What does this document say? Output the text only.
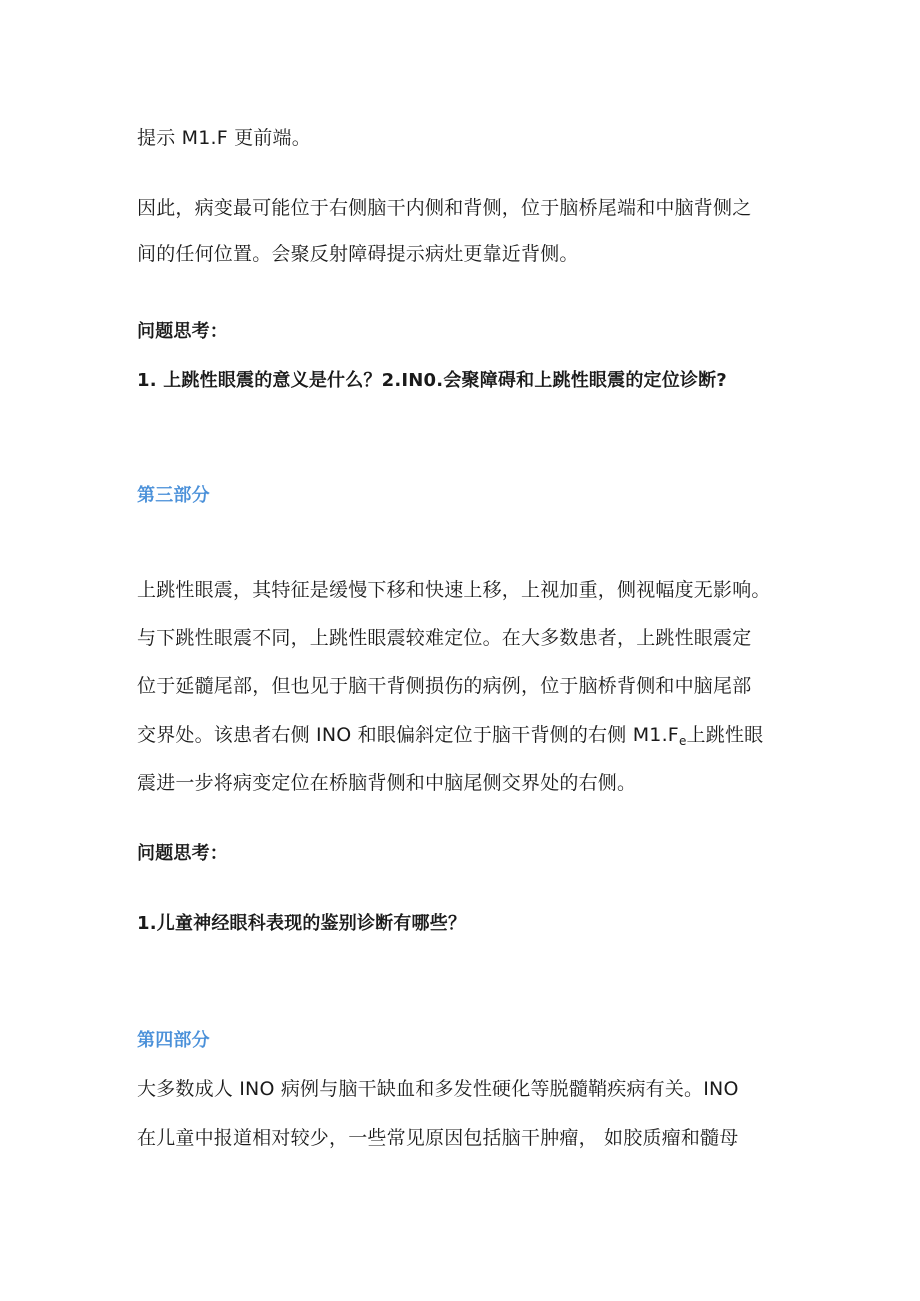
提示 M1.F 更前端。
因此，病变最可能位于右侧脑干内侧和背侧，位于脑桥尾端和中脑背侧之
间的任何位置。会聚反射障碍提示病灶更靠近背侧。
问题思考：
1. 上跳性眼震的意义是什么？2.IN0.会聚障碍和上跳性眼震的定位诊断?
第三部分
上跳性眼震，其特征是缓慢下移和快速上移，上视加重，侧视幅度无影响。
与下跳性眼震不同，上跳性眼震较难定位。在大多数患者，上跳性眼震定
位于延髓尾部，但也见于脑干背侧损伤的病例，位于脑桥背侧和中脑尾部
交界处。该患者右侧 INO 和眼偏斜定位于脑干背侧的右侧 $M1.F_e$上跳性眼
震进一步将病变定位在桥脑背侧和中脑尾侧交界处的右侧。
问题思考：
1.儿童神经眼科表现的鉴别诊断有哪些？
第四部分
大多数成人 INO 病例与脑干缺血和多发性硬化等脱髓鞘疾病有关。INO
在儿童中报道相对较少，一些常见原因包括脑干肿瘤， 如胶质瘤和髓母
